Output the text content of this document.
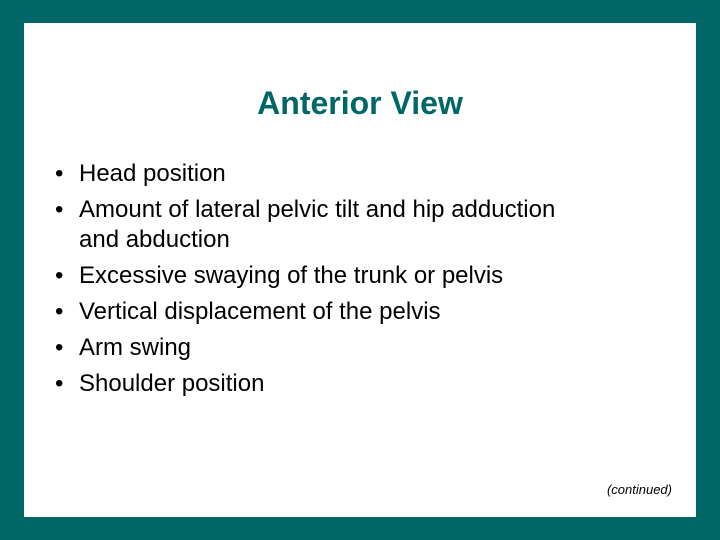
Anterior View
• Head position
• Amount of lateral pelvic tilt and hip adduction
and abduction
• Excessive swaying of the trunk or pelvis
• Vertical displacement of the pelvis
• Arm swing
• Shoulder position
(continued)
